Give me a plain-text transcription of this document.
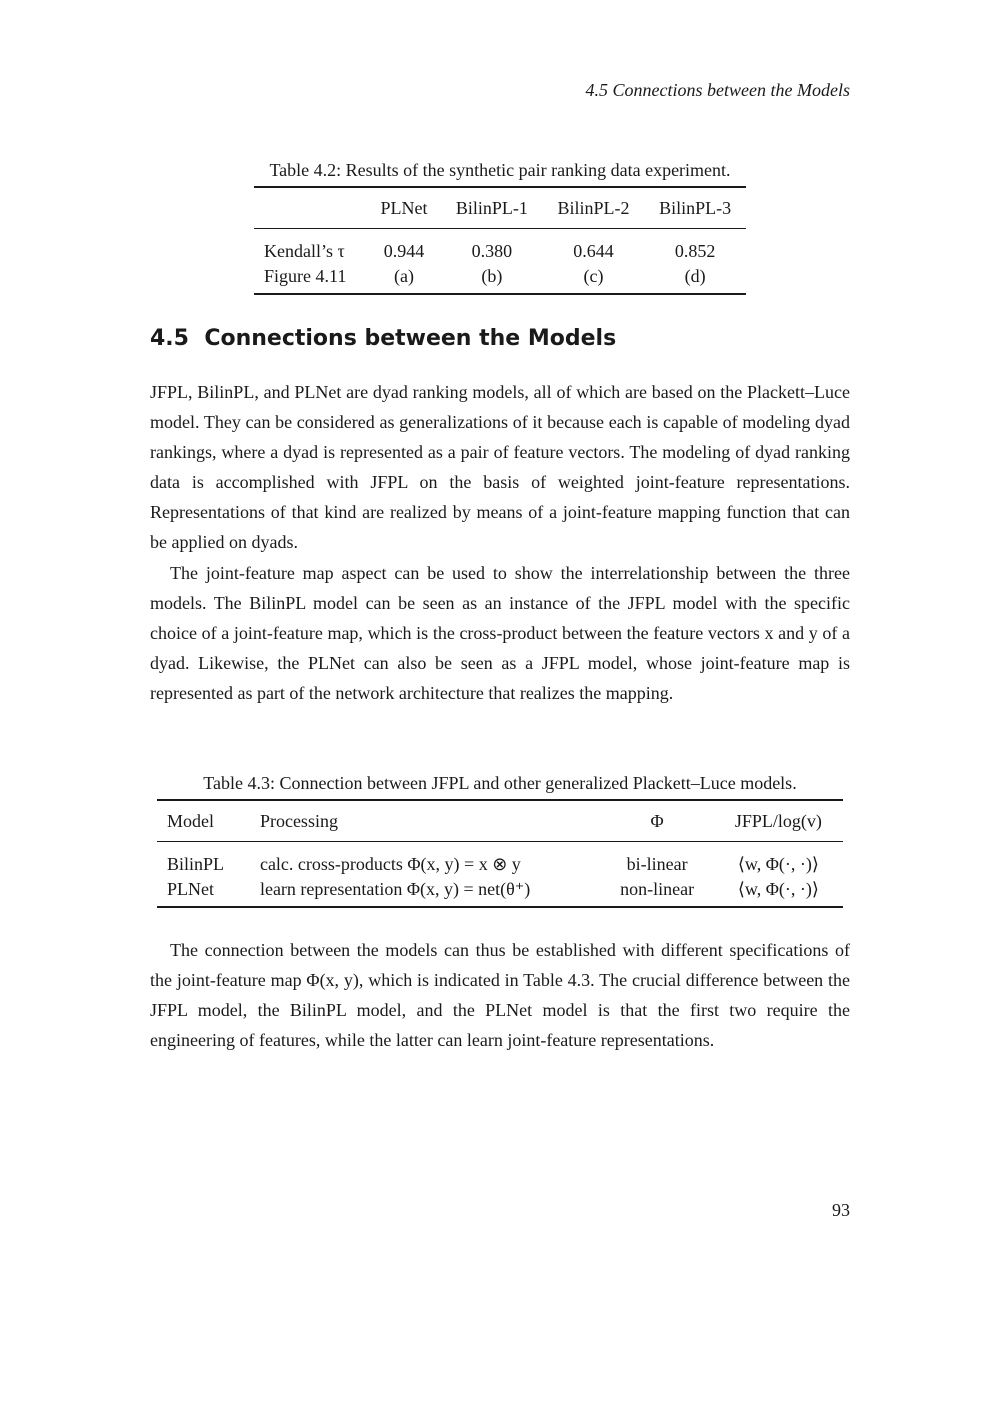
4.5 Connections between the Models
Table 4.2: Results of the synthetic pair ranking data experiment.
	PLNet	BilinPL-1	BilinPL-2	BilinPL-3
Kendall’s τ	0.944	0.380	0.644	0.852
Figure 4.11	(a)	(b)	(c)	(d)
4.5 Connections between the Models

JFPL, BilinPL, and PLNet are dyad ranking models, all of which are based on the Plackett–Luce model. They can be considered as generalizations of it because each is capable of modeling dyad rankings, where a dyad is represented as a pair of feature vectors. The modeling of dyad ranking data is accomplished with JFPL on the basis of weighted joint-feature representations. Representations of that kind are realized by means of a joint-feature mapping function that can be applied on dyads.

The joint-feature map aspect can be used to show the interrelationship between the three models. The BilinPL model can be seen as an instance of the JFPL model with the specific choice of a joint-feature map, which is the cross-product between the feature vectors x and y of a dyad. Likewise, the PLNet can also be seen as a JFPL model, whose joint-feature map is represented as part of the network architecture that realizes the mapping.

Table 4.3: Connection between JFPL and other generalized Plackett–Luce models.
Model	Processing	Φ	JFPL/log(v)
BilinPL	calc. cross-products Φ(x, y) = x ⊗ y	bi-linear	⟨w, Φ(·, ·)⟩
PLNet	learn representation Φ(x, y) = net(θ⁺)	non-linear	⟨w, Φ(·, ·)⟩

The connection between the models can thus be established with different specifications of the joint-feature map Φ(x, y), which is indicated in Table 4.3. The crucial difference between the JFPL model, the BilinPL model, and the PLNet model is that the first two require the engineering of features, while the latter can learn joint-feature representations.

93
